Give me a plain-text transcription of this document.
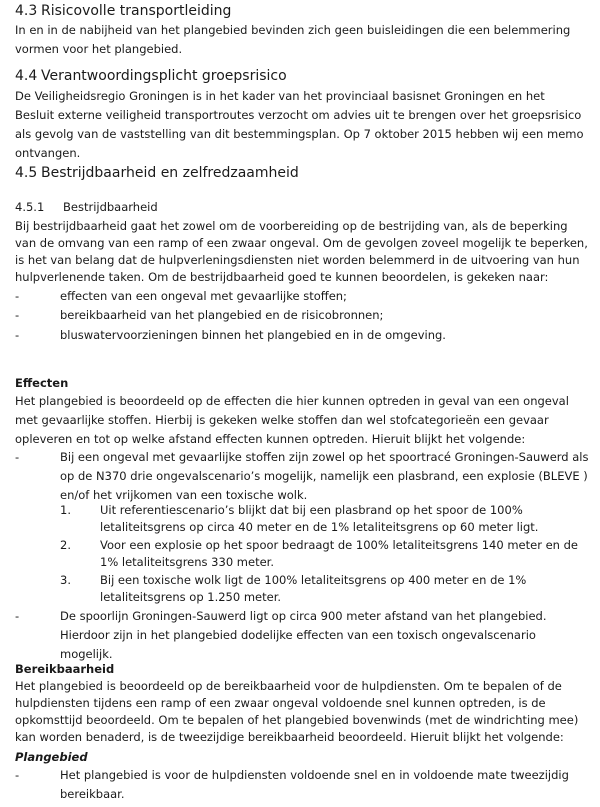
4.3 Risicovolle transportleiding
In en in de nabijheid van het plangebied bevinden zich geen buisleidingen die een belemmering vormen voor het plangebied.
4.4 Verantwoordingsplicht groepsrisico
De Veiligheidsregio Groningen is in het kader van het provinciaal basisnet Groningen en het Besluit externe veiligheid transportroutes verzocht om advies uit te brengen over het groepsrisico als gevolg van de vaststelling van dit bestemmingsplan. Op 7 oktober 2015 hebben wij een memo ontvangen.
4.5 Bestrijdbaarheid en zelfredzaamheid
4.5.1 Bestrijdbaarheid
Bij bestrijdbaarheid gaat het zowel om de voorbereiding op de bestrijding van, als de beperking van de omvang van een ramp of een zwaar ongeval. Om de gevolgen zoveel mogelijk te beperken, is het van belang dat de hulpverleningsdiensten niet worden belemmerd in de uitvoering van hun hulpverlenende taken. Om de bestrijdbaarheid goed te kunnen beoordelen, is gekeken naar:
-	effecten van een ongeval met gevaarlijke stoffen;
-	bereikbaarheid van het plangebied en de risicobronnen;
-	bluswatervoorzieningen binnen het plangebied en in de omgeving.
Effecten
Het plangebied is beoordeeld op de effecten die hier kunnen optreden in geval van een ongeval met gevaarlijke stoffen. Hierbij is gekeken welke stoffen dan wel stofcategorieën een gevaar opleveren en tot op welke afstand effecten kunnen optreden. Hieruit blijkt het volgende:
-	Bij een ongeval met gevaarlijke stoffen zijn zowel op het spoortracé Groningen-Sauwerd als op de N370 drie ongevalscenario’s mogelijk, namelijk een plasbrand, een explosie (BLEVE ) en/of het vrijkomen van een toxische wolk.
1.	Uit referentiescenario’s blijkt dat bij een plasbrand op het spoor de 100% letaliteitsgrens op circa 40 meter en de 1% letaliteitsgrens op 60 meter ligt.
2.	Voor een explosie op het spoor bedraagt de 100% letaliteitsgrens 140 meter en de 1% letaliteitsgrens 330 meter.
3.	Bij een toxische wolk ligt de 100% letaliteitsgrens op 400 meter en de 1% letaliteitsgrens op 1.250 meter.
-	De spoorlijn Groningen-Sauwerd ligt op circa 900 meter afstand van het plangebied. Hierdoor zijn in het plangebied dodelijke effecten van een toxisch ongevalscenario mogelijk.
Bereikbaarheid
Het plangebied is beoordeeld op de bereikbaarheid voor de hulpdiensten. Om te bepalen of de hulpdiensten tijdens een ramp of een zwaar ongeval voldoende snel kunnen optreden, is de opkomsttijd beoordeeld. Om te bepalen of het plangebied bovenwinds (met de windrichting mee) kan worden benaderd, is de tweezijdige bereikbaarheid beoordeeld. Hieruit blijkt het volgende:
Plangebied
-	Het plangebied is voor de hulpdiensten voldoende snel en in voldoende mate tweezijdig bereikbaar.
